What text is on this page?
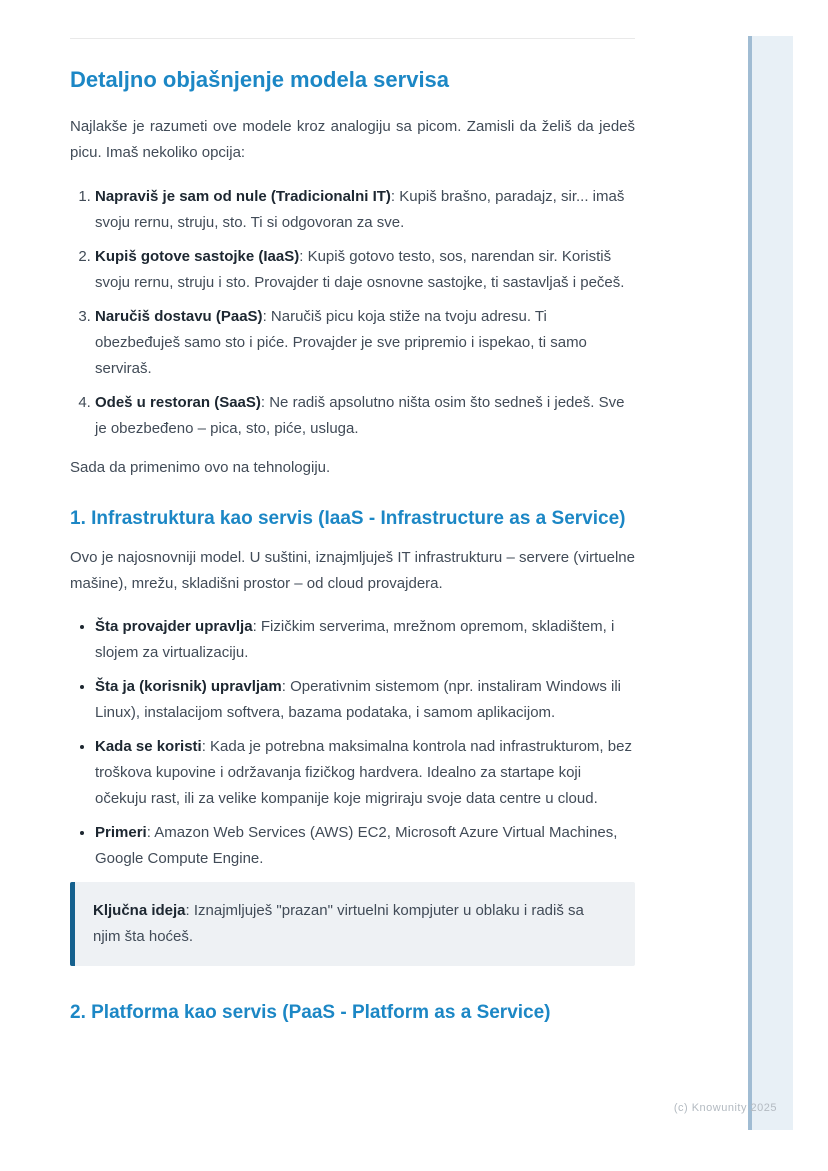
Detaljno objašnjenje modela servisa

Najlakše je razumeti ove modele kroz analogiju sa picom. Zamisli da želiš da jedeš picu. Imaš nekoliko opcija:

1. Napraviš je sam od nule (Tradicionalni IT): Kupiš brašno, paradajz, sir... imaš svoju rernu, struju, sto. Ti si odgovoran za sve.
2. Kupiš gotove sastojke (IaaS): Kupiš gotovo testo, sos, narendan sir. Koristiš svoju rernu, struju i sto. Provajder ti daje osnovne sastojke, ti sastavljaš i pečeš.
3. Naručiš dostavu (PaaS): Naručiš picu koja stiže na tvoju adresu. Ti obezbeđuješ samo sto i piće. Provajder je sve pripremio i ispekao, ti samo serviraš.
4. Odeš u restoran (SaaS): Ne radiš apsolutno ništa osim što sedneš i jedeš. Sve je obezbeđeno – pica, sto, piće, usluga.

Sada da primenimo ovo na tehnologiju.

1. Infrastruktura kao servis (IaaS - Infrastructure as a Service)

Ovo je najosnovniji model. U suštini, iznajmljuješ IT infrastrukturu – servere (virtuelne mašine), mrežu, skladišni prostor – od cloud provajdera.

• Šta provajder upravlja: Fizičkim serverima, mrežnom opremom, skladištem, i slojem za virtualizaciju.
• Šta ja (korisnik) upravljam: Operativnim sistemom (npr. instaliram Windows ili Linux), instalacijom softvera, bazama podataka, i samom aplikacijom.
• Kada se koristi: Kada je potrebna maksimalna kontrola nad infrastrukturom, bez troškova kupovine i održavanja fizičkog hardvera. Idealno za startape koji očekuju rast, ili za velike kompanije koje migriraju svoje data centre u cloud.
• Primeri: Amazon Web Services (AWS) EC2, Microsoft Azure Virtual Machines, Google Compute Engine.

Ključna ideja: Iznajmljuješ "prazan" virtuelni kompjuter u oblaku i radiš sa njim šta hoćeš.

2. Platforma kao servis (PaaS - Platform as a Service)
(c) Knowunity 2025
